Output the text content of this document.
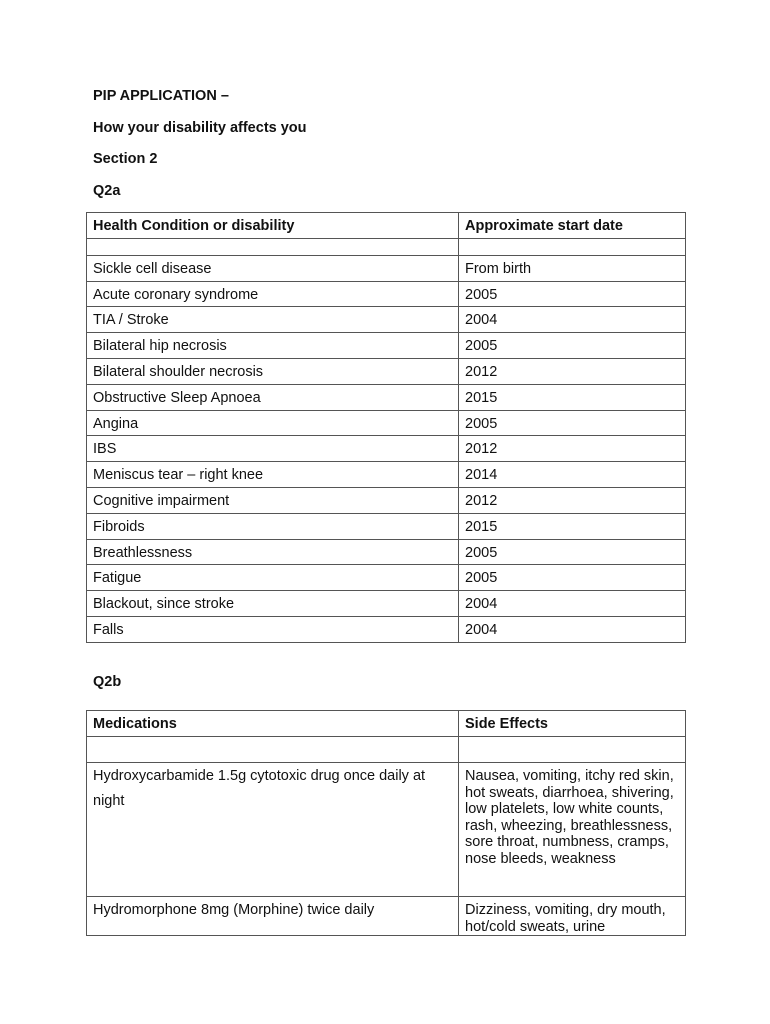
PIP APPLICATION –
How your disability affects you
Section 2
Q2a
Health Condition or disability	Approximate start date

Sickle cell disease	From birth
Acute coronary syndrome	2005
TIA / Stroke	2004
Bilateral hip necrosis	2005
Bilateral shoulder necrosis	2012
Obstructive Sleep Apnoea	2015
Angina	2005
IBS	2012
Meniscus tear – right knee	2014
Cognitive impairment	2012
Fibroids	2015
Breathlessness	2005
Fatigue	2005
Blackout, since stroke	2004
Falls	2004
Q2b
Medications	Side Effects

Hydroxycarbamide 1.5g cytotoxic drug once daily at night	Nausea, vomiting, itchy red skin, hot sweats, diarrhoea, shivering, low platelets, low white counts, rash, wheezing, breathlessness, sore throat, numbness, cramps, nose bleeds, weakness
Hydromorphone 8mg (Morphine) twice daily	Dizziness, vomiting, dry mouth, hot/cold sweats, urine
